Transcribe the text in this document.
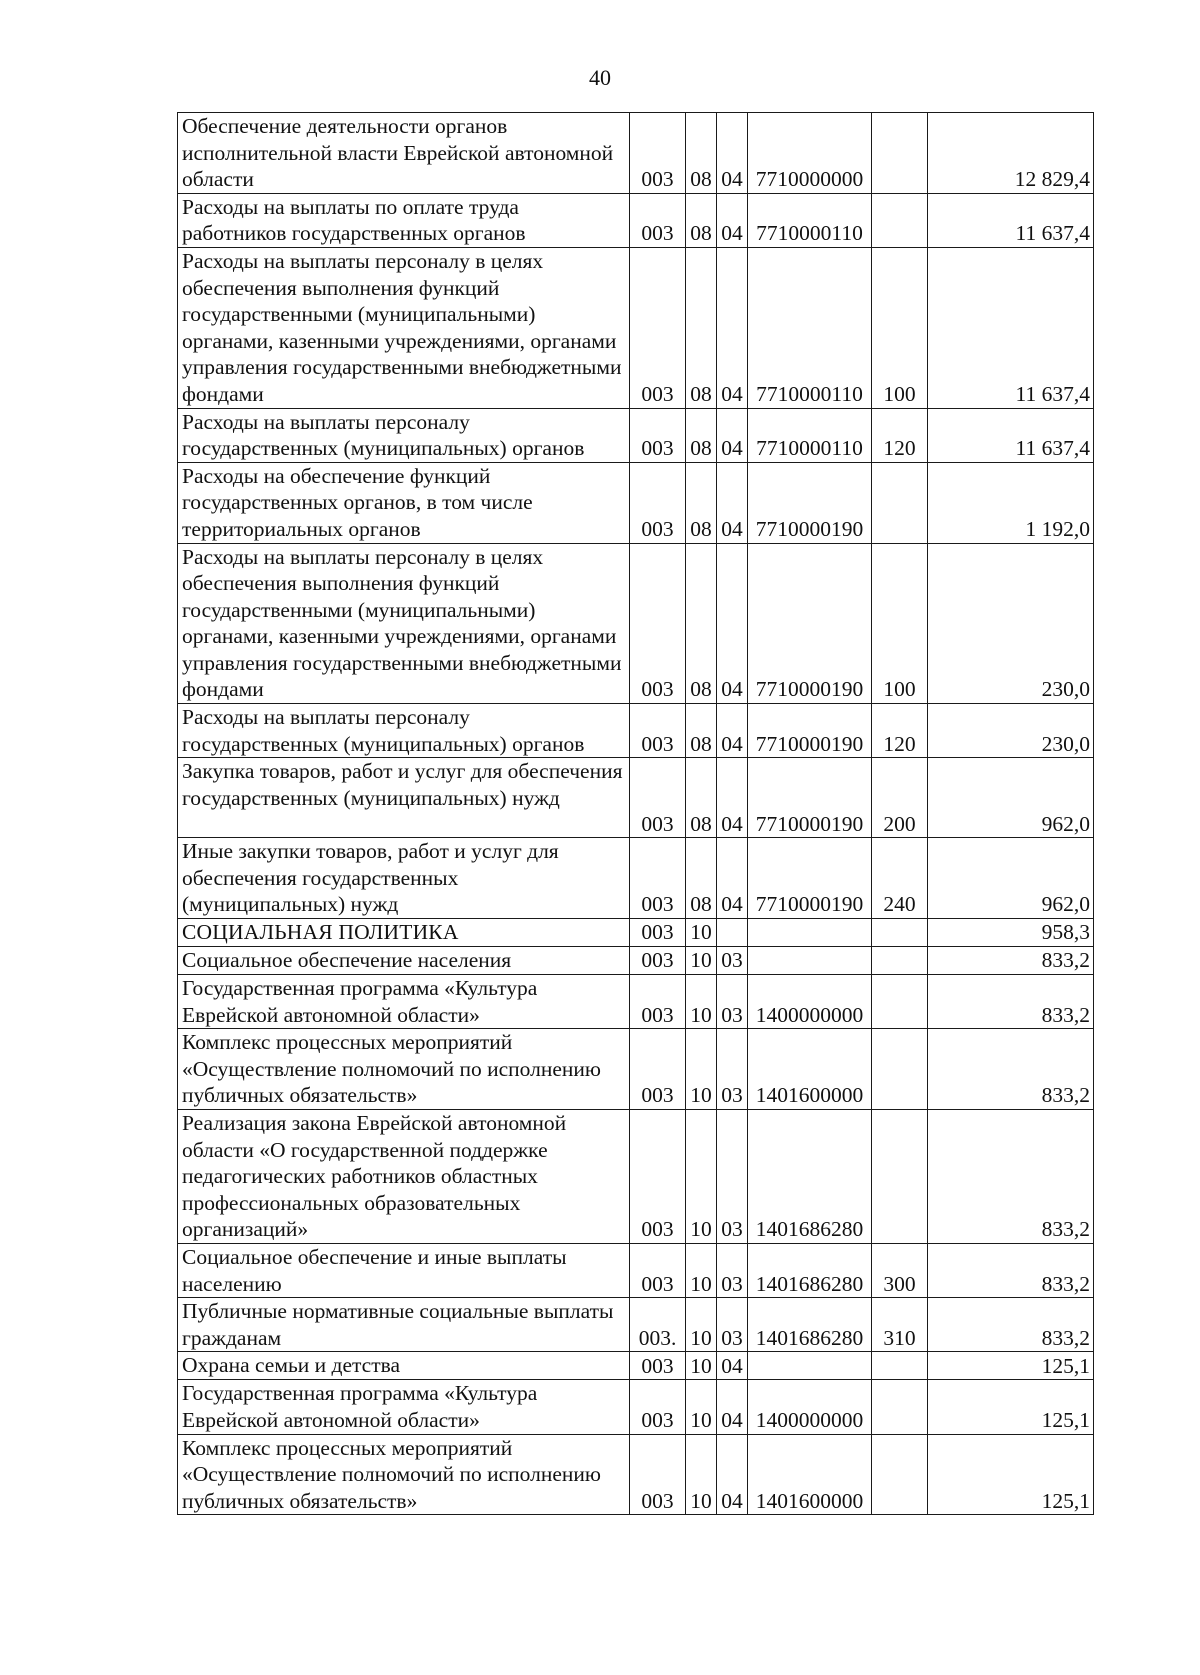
40
Обеспечение деятельности органов исполнительной власти Еврейской автономной области	003	08	04	7710000000		12 829,4
Расходы на выплаты по оплате труда работников государственных органов	003	08	04	7710000110		11 637,4
Расходы на выплаты персоналу в целях обеспечения выполнения функций государственными (муниципальными) органами, казенными учреждениями, органами управления государственными внебюджетными фондами	003	08	04	7710000110	100	11 637,4
Расходы на выплаты персоналу государственных (муниципальных) органов	003	08	04	7710000110	120	11 637,4
Расходы на обеспечение функций государственных органов, в том числе территориальных органов	003	08	04	7710000190		1 192,0
Расходы на выплаты персоналу в целях обеспечения выполнения функций государственными (муниципальными) органами, казенными учреждениями, органами управления государственными внебюджетными фондами	003	08	04	7710000190	100	230,0
Расходы на выплаты персоналу государственных (муниципальных) органов	003	08	04	7710000190	120	230,0
Закупка товаров, работ и услуг для обеспечения государственных (муниципальных) нужд	003	08	04	7710000190	200	962,0
Иные закупки товаров, работ и услуг для обеспечения государственных (муниципальных) нужд	003	08	04	7710000190	240	962,0
СОЦИАЛЬНАЯ ПОЛИТИКА	003	10				958,3
Социальное обеспечение населения	003	10	03			833,2
Государственная программа «Культура Еврейской автономной области»	003	10	03	1400000000		833,2
Комплекс процессных мероприятий «Осуществление полномочий по исполнению публичных обязательств»	003	10	03	1401600000		833,2
Реализация закона Еврейской автономной области «О государственной поддержке педагогических работников областных профессиональных образовательных организаций»	003	10	03	1401686280		833,2
Социальное обеспечение и иные выплаты населению	003	10	03	1401686280	300	833,2
Публичные нормативные социальные выплаты гражданам	003.	10	03	1401686280	310	833,2
Охрана семьи и детства	003	10	04			125,1
Государственная программа «Культура Еврейской автономной области»	003	10	04	1400000000		125,1
Комплекс процессных мероприятий «Осуществление полномочий по исполнению публичных обязательств»	003	10	04	1401600000		125,1
